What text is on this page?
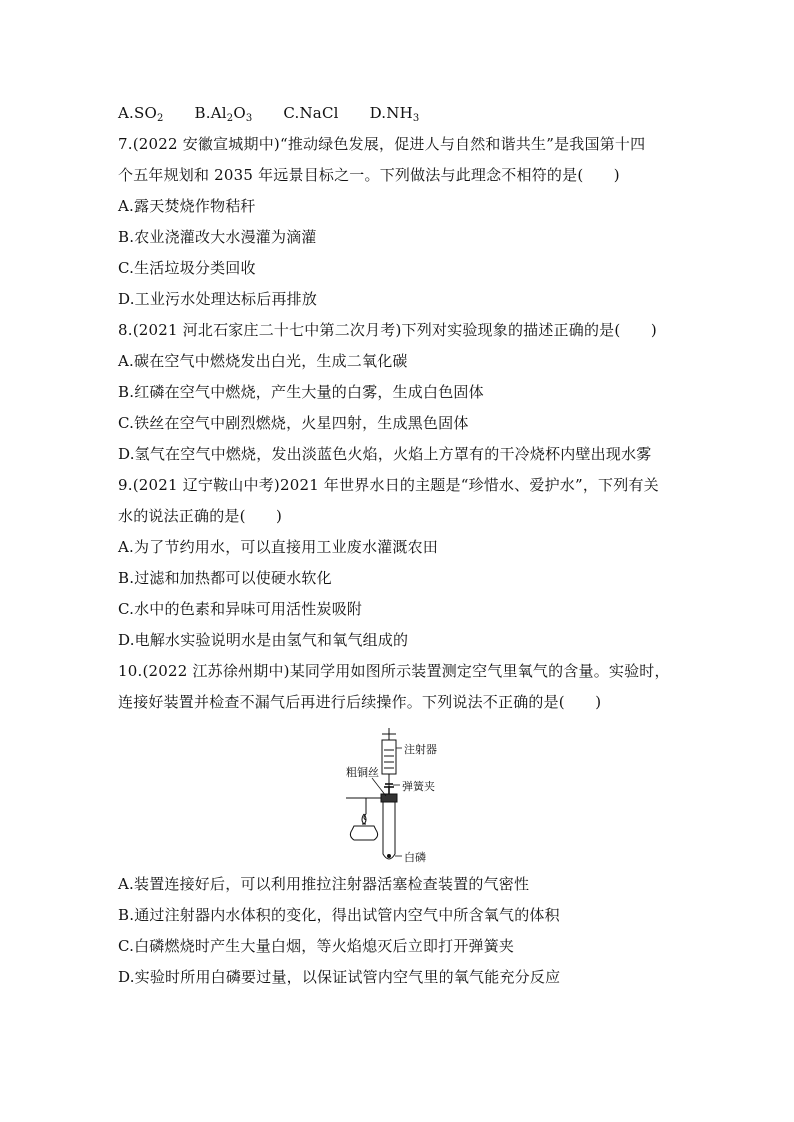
$A.SO_2$ $B.Al_2O_3$ C.NaCl $D.NH_3$
7.(2022 安徽宣城期中)“推动绿色发展，促进人与自然和谐共生”是我国第十四
个五年规划和 2035 年远景目标之一。下列做法与此理念不相符的是(　　)
A.露天焚烧作物秸秆
B.农业浇灌改大水漫灌为滴灌
C.生活垃圾分类回收
D.工业污水处理达标后再排放
8.(2021 河北石家庄二十七中第二次月考)下列对实验现象的描述正确的是(　　)
A.碳在空气中燃烧发出白光，生成二氧化碳
B.红磷在空气中燃烧，产生大量的白雾，生成白色固体
C.铁丝在空气中剧烈燃烧，火星四射，生成黑色固体
D.氢气在空气中燃烧，发出淡蓝色火焰，火焰上方罩有的干冷烧杯内壁出现水雾
9.(2021 辽宁鞍山中考)2021 年世界水日的主题是“珍惜水、爱护水”，下列有关
水的说法正确的是(　　)
A.为了节约用水，可以直接用工业废水灌溉农田
B.过滤和加热都可以使硬水软化
C.水中的色素和异味可用活性炭吸附
D.电解水实验说明水是由氢气和氧气组成的
10.(2022 江苏徐州期中)某同学用如图所示装置测定空气里氧气的含量。实验时，
连接好装置并检查不漏气后再进行后续操作。下列说法不正确的是(　　)
注射器
粗铜丝
弹簧夹
白磷
A.装置连接好后，可以利用推拉注射器活塞检查装置的气密性
B.通过注射器内水体积的变化，得出试管内空气中所含氧气的体积
C.白磷燃烧时产生大量白烟，等火焰熄灭后立即打开弹簧夹
D.实验时所用白磷要过量，以保证试管内空气里的氧气能充分反应
